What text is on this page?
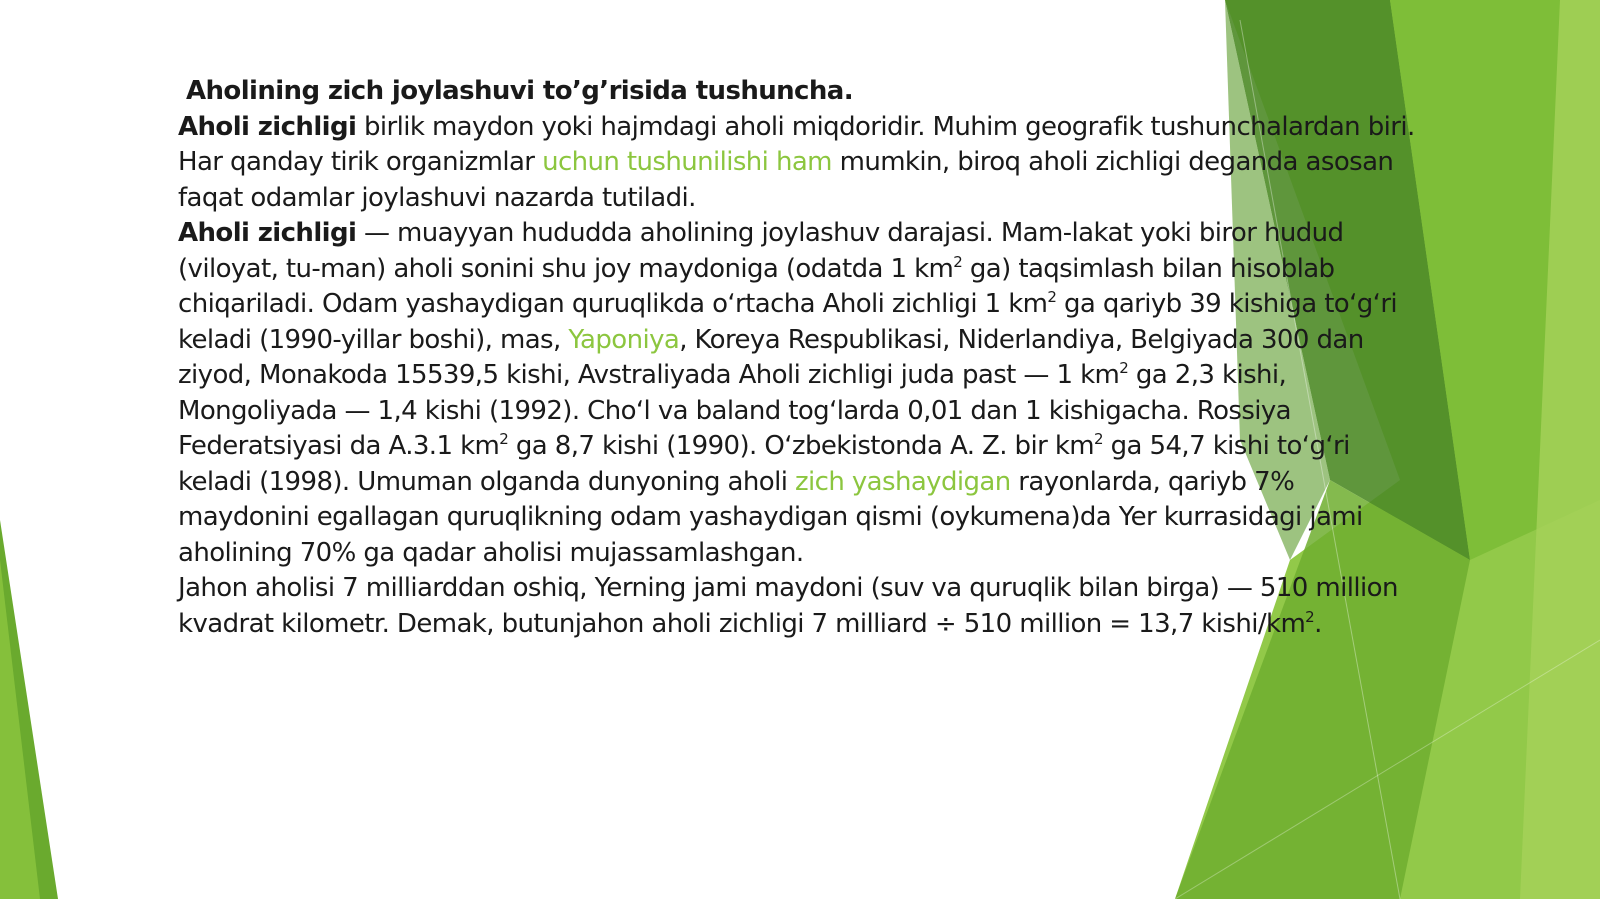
Aholining zich joylashuvi to’g’risida tushuncha.

Aholi zichligi birlik maydon yoki hajmdagi aholi miqdoridir. Muhim geografik tushunchalardan biri. Har qanday tirik organizmlar uchun tushunilishi ham mumkin, biroq aholi zichligi deganda asosan faqat odamlar joylashuvi nazarda tutiladi.

Aholi zichligi — muayyan hududda aholining joylashuv darajasi. Mam-lakat yoki biror hudud (viloyat, tu-man) aholi sonini shu joy maydoniga (odatda 1 $km^2$ ga) taqsimlash bilan hisoblab chiqariladi. Odam yashaydigan quruqlikda oʻrtacha Aholi zichligi 1 $km^2$ ga qariyb 39 kishiga toʻgʻri keladi (1990-yillar boshi), mas, Yaponiya, Koreya Respublikasi, Niderlandiya, Belgiyada 300 dan ziyod, Monakoda 15539,5 kishi, Avstraliyada Aholi zichligi juda past — 1 $km^2$ ga 2,3 kishi, Mongoliyada — 1,4 kishi (1992). Choʻl va baland togʻlarda 0,01 dan 1 kishigacha. Rossiya Federatsiyasi da A.3.1 $km^2$ ga 8,7 kishi (1990). Oʻzbekistonda A. Z. bir $km^2$ ga 54,7 kishi toʻgʻri keladi (1998). Umuman olganda dunyoning aholi zich yashaydigan rayonlarda, qariyb 7% maydonini egallagan quruqlikning odam yashaydigan qismi (oykumena)da Yer kurrasidagi jami aholining 70% ga qadar aholisi mujassamlashgan.

Jahon aholisi 7 milliarddan oshiq, Yerning jami maydoni (suv va quruqlik bilan birga) — 510 million kvadrat kilometr. Demak, butunjahon aholi zichligi 7 milliard ÷ 510 million = 13,7 kishi/$km^2$.
